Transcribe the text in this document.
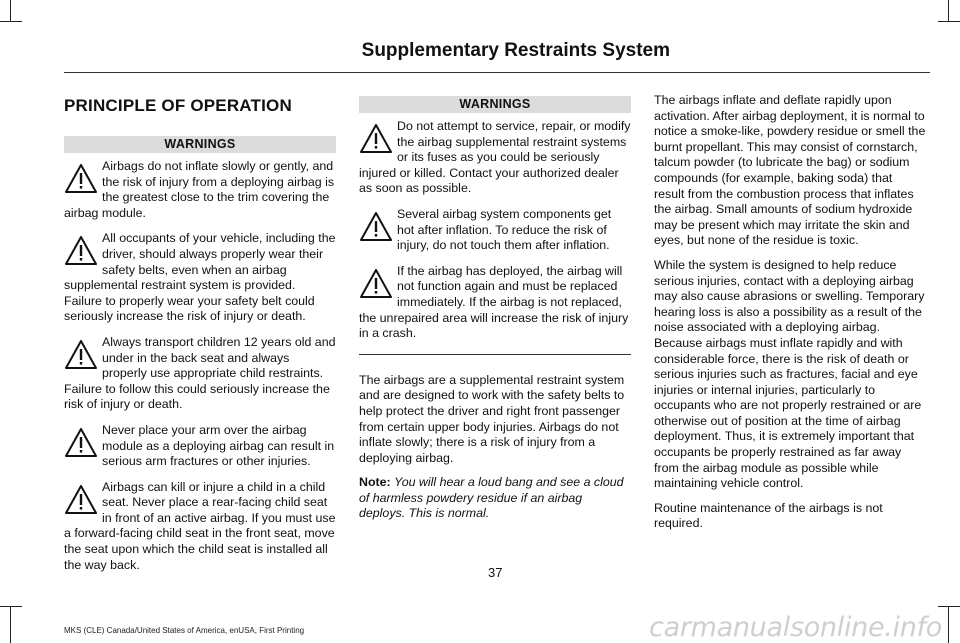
Supplementary Restraints System
PRINCIPLE OF OPERATION
WARNINGS
Airbags do not inflate slowly or gently, and the risk of injury from a deploying airbag is the greatest close to the trim covering the airbag module.
All occupants of your vehicle, including the driver, should always properly wear their safety belts, even when an airbag supplemental restraint system is provided. Failure to properly wear your safety belt could seriously increase the risk of injury or death.
Always transport children 12 years old and under in the back seat and always properly use appropriate child restraints. Failure to follow this could seriously increase the risk of injury or death.
Never place your arm over the airbag module as a deploying airbag can result in serious arm fractures or other injuries.
Airbags can kill or injure a child in a child seat. Never place a rear-facing child seat in front of an active airbag. If you must use a forward-facing child seat in the front seat, move the seat upon which the child seat is installed all the way back.
WARNINGS
Do not attempt to service, repair, or modify the airbag supplemental restraint systems or its fuses as you could be seriously injured or killed. Contact your authorized dealer as soon as possible.
Several airbag system components get hot after inflation. To reduce the risk of injury, do not touch them after inflation.
If the airbag has deployed, the airbag will not function again and must be replaced immediately. If the airbag is not replaced, the unrepaired area will increase the risk of injury in a crash.

The airbags are a supplemental restraint system and are designed to work with the safety belts to help protect the driver and right front passenger from certain upper body injuries. Airbags do not inflate slowly; there is a risk of injury from a deploying airbag.

Note: You will hear a loud bang and see a cloud of harmless powdery residue if an airbag deploys. This is normal.

The airbags inflate and deflate rapidly upon activation. After airbag deployment, it is normal to notice a smoke-like, powdery residue or smell the burnt propellant. This may consist of cornstarch, talcum powder (to lubricate the bag) or sodium compounds (for example, baking soda) that result from the combustion process that inflates the airbag. Small amounts of sodium hydroxide may be present which may irritate the skin and eyes, but none of the residue is toxic.

While the system is designed to help reduce serious injuries, contact with a deploying airbag may also cause abrasions or swelling. Temporary hearing loss is also a possibility as a result of the noise associated with a deploying airbag. Because airbags must inflate rapidly and with considerable force, there is the risk of death or serious injuries such as fractures, facial and eye injuries or internal injuries, particularly to occupants who are not properly restrained or are otherwise out of position at the time of airbag deployment. Thus, it is extremely important that occupants be properly restrained as far away from the airbag module as possible while maintaining vehicle control.

Routine maintenance of the airbags is not required.

37
MKS (CLE) Canada/United States of America, enUSA, First Printing	carmanualsonline.info
